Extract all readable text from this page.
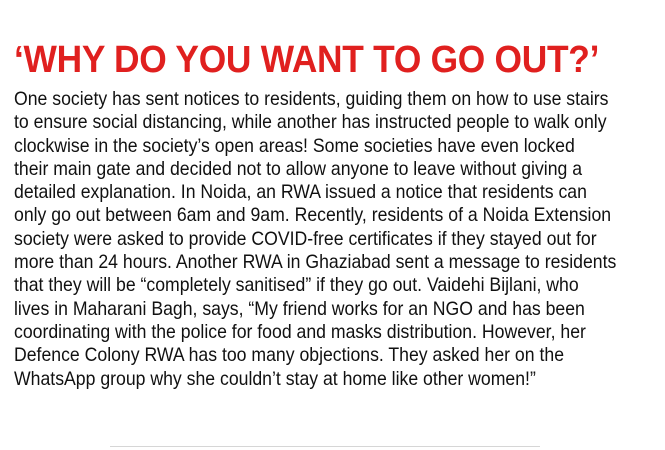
‘WHY DO YOU WANT TO GO OUT?’

One society has sent notices to residents, guiding them on how to use stairs
to ensure social distancing, while another has instructed people to walk only
clockwise in the society’s open areas! Some societies have even locked
their main gate and decided not to allow anyone to leave without giving a
detailed explanation. In Noida, an RWA issued a notice that residents can
only go out between 6am and 9am. Recently, residents of a Noida Extension
society were asked to provide COVID-free certificates if they stayed out for
more than 24 hours. Another RWA in Ghaziabad sent a message to residents
that they will be “completely sanitised” if they go out. Vaidehi Bijlani, who
lives in Maharani Bagh, says, “My friend works for an NGO and has been
coordinating with the police for food and masks distribution. However, her
Defence Colony RWA has too many objections. They asked her on the
WhatsApp group why she couldn’t stay at home like other women!”
